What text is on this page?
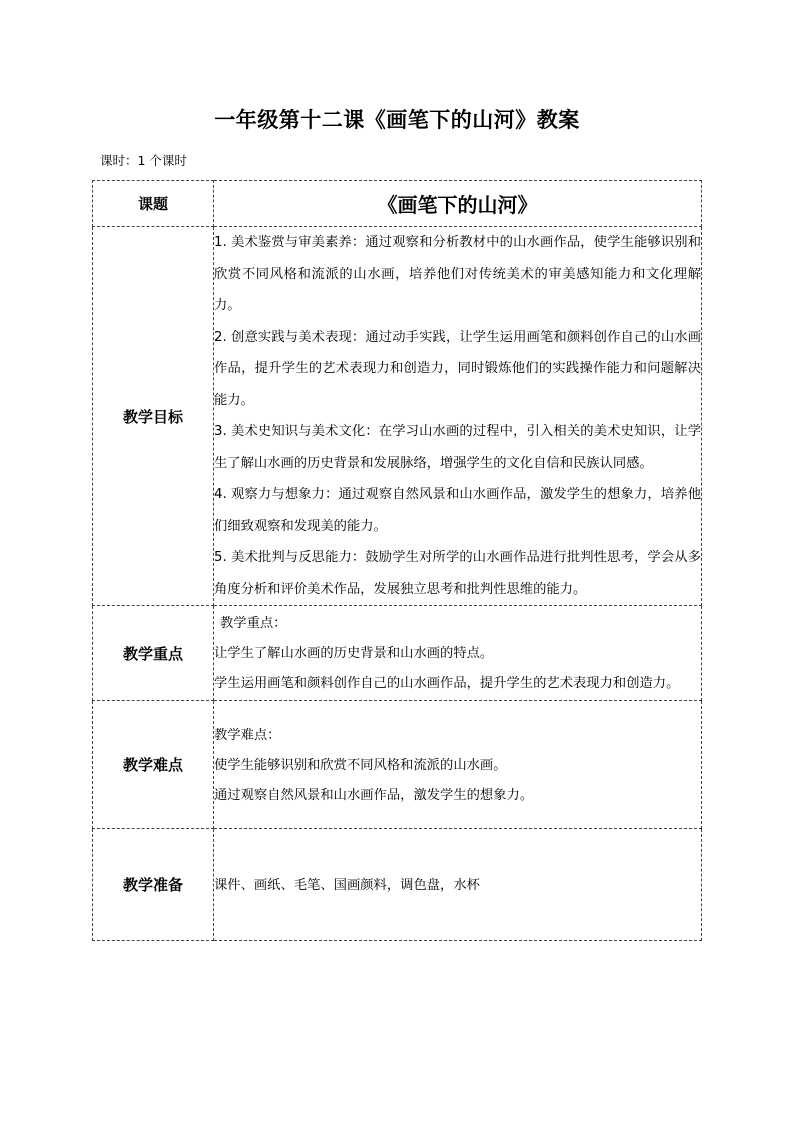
一年级第十二课《画笔下的山河》教案
课时：1 个课时
课题	《画笔下的山河》
教学目标	1. 美术鉴赏与审美素养：通过观察和分析教材中的山水画作品，使学生能够识别和欣赏不同风格和流派的山水画，培养他们对传统美术的审美感知能力和文化理解力。

2. 创意实践与美术表现：通过动手实践，让学生运用画笔和颜料创作自己的山水画作品，提升学生的艺术表现力和创造力，同时锻炼他们的实践操作能力和问题解决能力。

3. 美术史知识与美术文化：在学习山水画的过程中，引入相关的美术史知识，让学生了解山水画的历史背景和发展脉络，增强学生的文化自信和民族认同感。

4. 观察力与想象力：通过观察自然风景和山水画作品，激发学生的想象力，培养他们细致观察和发现美的能力。

5. 美术批判与反思能力：鼓励学生对所学的山水画作品进行批判性思考，学会从多角度分析和评价美术作品，发展独立思考和批判性思维的能力。

教学重点	教学重点：

让学生了解山水画的历史背景和山水画的特点。

学生运用画笔和颜料创作自己的山水画作品，提升学生的艺术表现力和创造力。

教学难点	教学难点：

使学生能够识别和欣赏不同风格和流派的山水画。

通过观察自然风景和山水画作品，激发学生的想象力。

教学准备	课件、画纸、毛笔、国画颜料，调色盘，水杯
